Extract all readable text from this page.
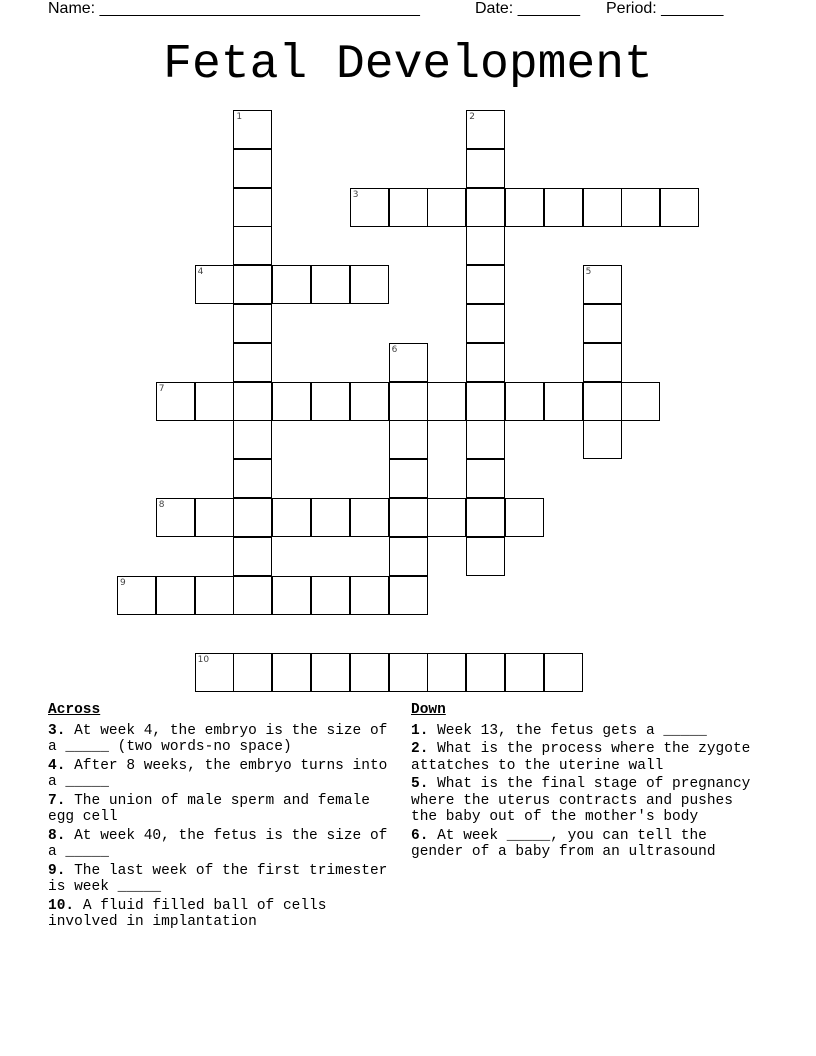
Name: ____________________________________	Date: _______ Period: _______
Fetal Development
1	2
3
4	5
6
7
8
9
10
Across
3. At week 4, the embryo is the size of a _____ (two words-no space)
4. After 8 weeks, the embryo turns into a _____
7. The union of male sperm and female egg cell
8. At week 40, the fetus is the size of a _____
9. The last week of the first trimester is week _____
10. A fluid filled ball of cells involved in implantation
Down
1. Week 13, the fetus gets a _____
2. What is the process where the zygote attatches to the uterine wall
5. What is the final stage of pregnancy where the uterus contracts and pushes the baby out of the mother's body
6. At week _____, you can tell the gender of a baby from an ultrasound
